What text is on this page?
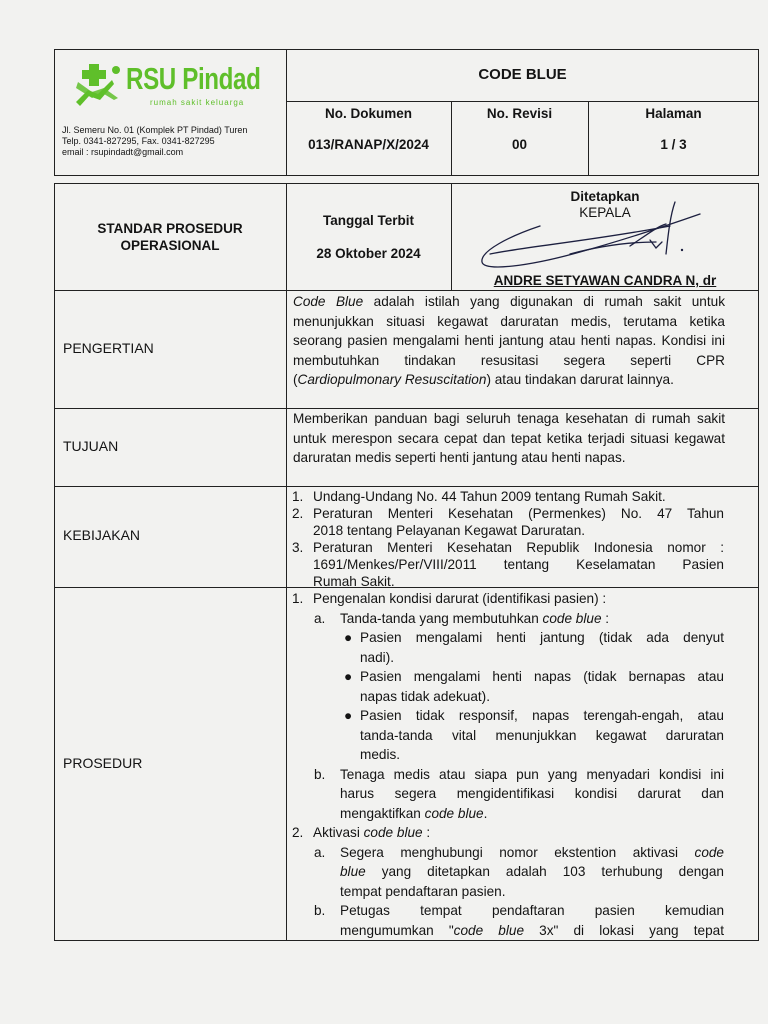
RSU Pindad
rumah sakit keluarga
Jl. Semeru No. 01 (Komplek PT Pindad) Turen
Telp. 0341-827295, Fax. 0341-827295
email : rsupindadt@gmail.com
CODE BLUE
No. Dokumen
013/RANAP/X/2024
No. Revisi
00
Halaman
1 / 3
STANDAR PROSEDUR
OPERASIONAL
Tanggal Terbit
28 Oktober 2024
Ditetapkan
KEPALA
ANDRE SETYAWAN CANDRA N, dr
PENGERTIAN
TUJUAN
KEBIJAKAN
PROSEDUR

Code Blue adalah istilah yang digunakan di rumah sakit untuk menunjukkan situasi kegawat daruratan medis, terutama ketika seorang pasien mengalami henti jantung atau henti napas. Kondisi ini membutuhkan tindakan resusitasi segera seperti CPR (Cardiopulmonary Resuscitation) atau tindakan darurat lainnya.

Memberikan panduan bagi seluruh tenaga kesehatan di rumah sakit untuk merespon secara cepat dan tepat ketika terjadi situasi kegawat daruratan medis seperti henti jantung atau henti napas.

1. Undang-Undang No. 44 Tahun 2009 tentang Rumah Sakit.
2. Peraturan Menteri Kesehatan (Permenkes) No. 47 Tahun
2018 tentang Pelayanan Kegawat Daruratan.
3. Peraturan Menteri Kesehatan Republik Indonesia nomor :
1691/Menkes/Per/VIII/2011 tentang Keselamatan Pasien
Rumah Sakit.
1. Pengenalan kondisi darurat (identifikasi pasien) :
a. Tanda-tanda yang membutuhkan code blue :
● Pasien mengalami henti jantung (tidak ada denyut
nadi).
● Pasien mengalami henti napas (tidak bernapas atau
napas tidak adekuat).
● Pasien tidak responsif, napas terengah-engah, atau
tanda-tanda vital menunjukkan kegawat daruratan
medis.
b. Tenaga medis atau siapa pun yang menyadari kondisi ini
harus segera mengidentifikasi kondisi darurat dan
mengaktifkan code blue.
2. Aktivasi code blue :
a. Segera menghubungi nomor ekstention aktivasi code
blue yang ditetapkan adalah 103 terhubung dengan
tempat pendaftaran pasien.
b. Petugas tempat pendaftaran pasien kemudian
mengumumkan "code blue 3x" di lokasi yang tepat
